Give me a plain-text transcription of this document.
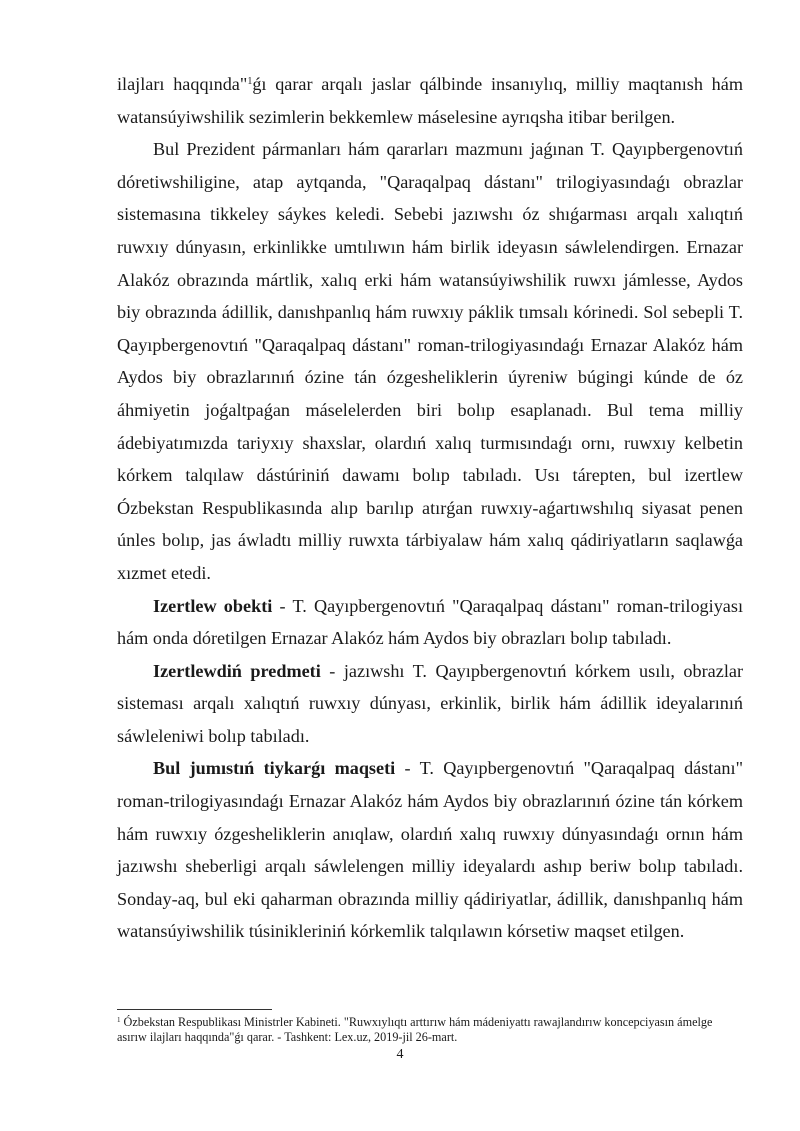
ilajları haqqında"$^1$ǵı qarar arqalı jaslar qálbinde insanıylıq, milliy maqtanısh hám watansúyiwshilik sezimlerin bekkemlew máselesine ayrıqsha itibar berilgen.

Bul Prezident pármanları hám qararları mazmunı jaǵınan T. Qayıpbergenovtıń dóretiwshiligine, atap aytqanda, "Qaraqalpaq dástanı" trilogiyasındaǵı obrazlar sistemasına tikkeley sáykes keledi. Sebebi jazıwshı óz shıǵarması arqalı xalıqtıń ruwxıy dúnyasın, erkinlikke umtılıwın hám birlik ideyasın sáwlelendirgen. Ernazar Alakóz obrazında mártlik, xalıq erki hám watansúyiwshilik ruwxı jámlesse, Aydos biy obrazında ádillik, danıshpanlıq hám ruwxıy páklik tımsalı kórinedi. Sol sebepli T. Qayıpbergenovtıń "Qaraqalpaq dástanı" roman-trilogiyasındaǵı Ernazar Alakóz hám Aydos biy obrazlarınıń ózine tán ózgesheliklerin úyreniw búgingi kúnde de óz áhmiyetin joǵaltpaǵan máselelerden biri bolıp esaplanadı. Bul tema milliy ádebiyatımızda tariyxıy shaxslar, olardıń xalıq turmısındaǵı ornı, ruwxıy kelbetin kórkem talqılaw dástúriniń dawamı bolıp tabıladı. Usı tárepten, bul izertlew Ózbekstan Respublikasında alıp barılıp atırǵan ruwxıy-aǵartıwshılıq siyasat penen únles bolıp, jas áwladtı milliy ruwxta tárbiyalaw hám xalıq qádiriyatların saqlawǵa xızmet etedi.

Izertlew obekti - T. Qayıpbergenovtıń "Qaraqalpaq dástanı" roman-trilogiyası hám onda dóretilgen Ernazar Alakóz hám Aydos biy obrazları bolıp tabıladı.

Izertlewdiń predmeti - jazıwshı T. Qayıpbergenovtıń kórkem usılı, obrazlar sisteması arqalı xalıqtıń ruwxıy dúnyası, erkinlik, birlik hám ádillik ideyalarınıń sáwleleniwi bolıp tabıladı.

Bul jumıstıń tiykarǵı maqseti - T. Qayıpbergenovtıń "Qaraqalpaq dástanı" roman-trilogiyasındaǵı Ernazar Alakóz hám Aydos biy obrazlarınıń ózine tán kórkem hám ruwxıy ózgesheliklerin anıqlaw, olardıń xalıq ruwxıy dúnyasındaǵı ornın hám jazıwshı sheberligi arqalı sáwlelengen milliy ideyalardı ashıp beriw bolıp tabıladı. Sonday-aq, bul eki qaharman obrazında milliy qádiriyatlar, ádillik, danıshpanlıq hám watansúyiwshilik túsinikleriniń kórkemlik talqılawın kórsetiw maqset etilgen.

$^1$ Ózbekstan Respublikası Ministrler Kabineti. "Ruwxıylıqtı arttırıw hám mádeniyattı rawajlandırıw koncepciyasın ámelge asırıw ilajları haqqında"ǵı qarar. - Tashkent: Lex.uz, 2019-jil 26-mart.

4
